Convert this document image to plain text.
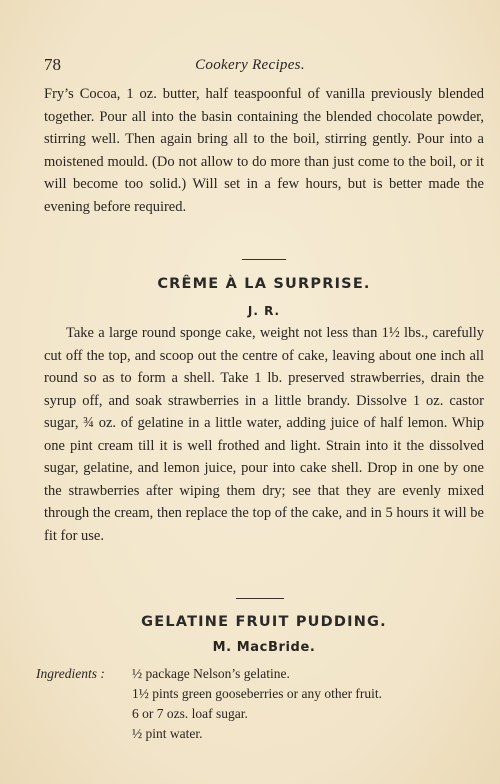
78	Cookery Recipes.

Fry’s Cocoa, 1 oz. butter, half teaspoonful of vanilla previously blended together. Pour all into the basin containing the blended chocolate powder, stirring well. Then again bring all to the boil, stirring gently. Pour into a moistened mould. (Do not allow to do more than just come to the boil, or it will become too solid.) Will set in a few hours, but is better made the evening before required.

CRÊME À LA SURPRISE.
J. R.

Take a large round sponge cake, weight not less than 1½ lbs., carefully cut off the top, and scoop out the centre of cake, leaving about one inch all round so as to form a shell. Take 1 lb. preserved strawberries, drain the syrup off, and soak strawberries in a little brandy. Dissolve 1 oz. castor sugar, ¾ oz. of gelatine in a little water, adding juice of half lemon. Whip one pint cream till it is well frothed and light. Strain into it the dissolved sugar, gelatine, and lemon juice, pour into cake shell. Drop in one by one the strawberries after wiping them dry; see that they are evenly mixed through the cream, then replace the top of the cake, and in 5 hours it will be fit for use.

GELATINE FRUIT PUDDING.
M. MacBride.
Ingredients : ½ package Nelson’s gelatine.
1½ pints green gooseberries or any other fruit.
6 or 7 ozs. loaf sugar.
½ pint water.
